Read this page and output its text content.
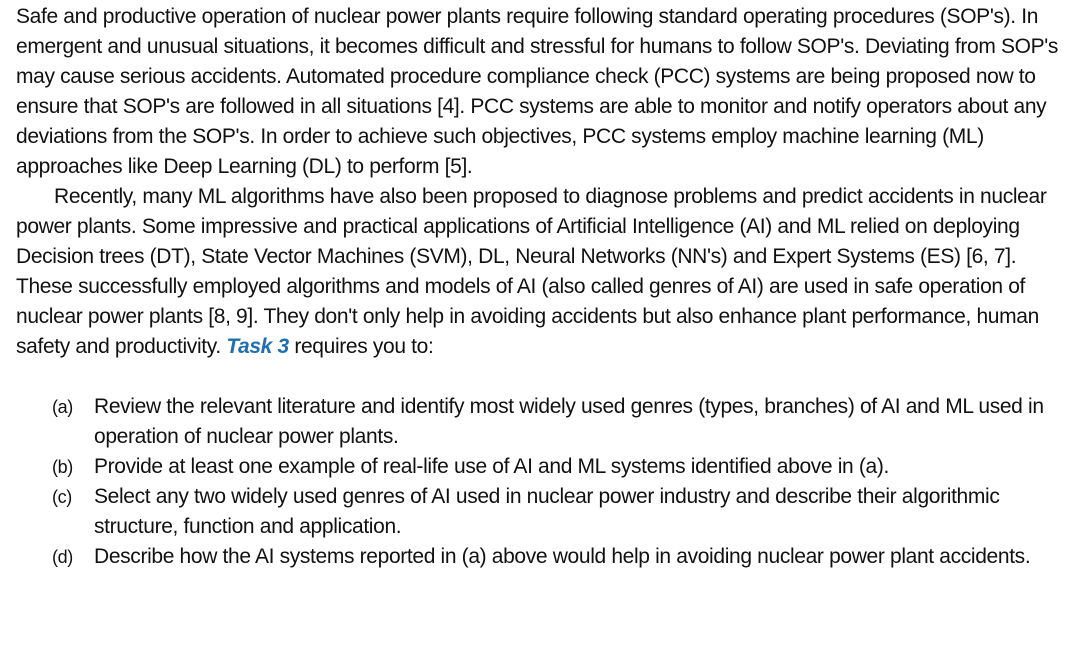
Safe and productive operation of nuclear power plants require following standard operating procedures (SOP's). In emergent and unusual situations, it becomes difficult and stressful for humans to follow SOP's. Deviating from SOP's may cause serious accidents. Automated procedure compliance check (PCC) systems are being proposed now to ensure that SOP's are followed in all situations [4]. PCC systems are able to monitor and notify operators about any deviations from the SOP's. In order to achieve such objectives, PCC systems employ machine learning (ML) approaches like Deep Learning (DL) to perform [5].

Recently, many ML algorithms have also been proposed to diagnose problems and predict accidents in nuclear power plants. Some impressive and practical applications of Artificial Intelligence (AI) and ML relied on deploying Decision trees (DT), State Vector Machines (SVM), DL, Neural Networks (NN's) and Expert Systems (ES) [6, 7]. These successfully employed algorithms and models of AI (also called genres of AI) are used in safe operation of nuclear power plants [8, 9]. They don't only help in avoiding accidents but also enhance plant performance, human safety and productivity. Task 3 requires you to:

(a) Review the relevant literature and identify most widely used genres (types, branches) of AI and ML used in operation of nuclear power plants.
(b) Provide at least one example of real-life use of AI and ML systems identified above in (a).
(c) Select any two widely used genres of AI used in nuclear power industry and describe their algorithmic structure, function and application.
(d) Describe how the AI systems reported in (a) above would help in avoiding nuclear power plant accidents.
